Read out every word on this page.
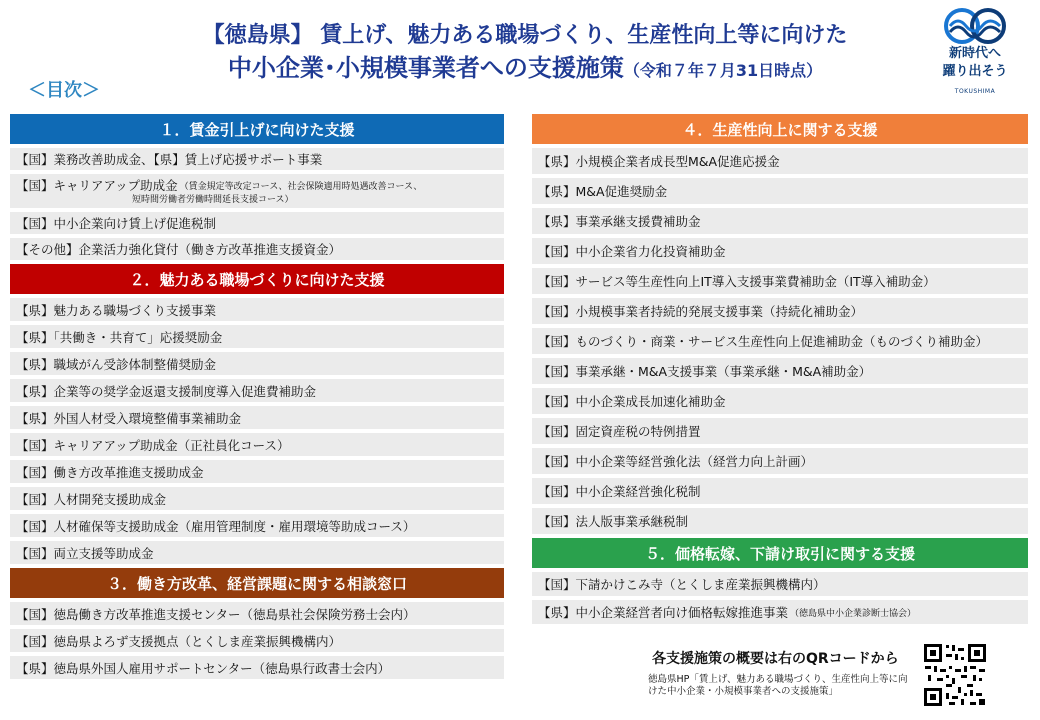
【徳島県】 賃上げ、魅力ある職場づくり、生産性向上等に向けた
中小企業･小規模事業者への支援施策（令和７年７月31日時点）
＜目次＞
新時代へ
躍り出そう
TOKUSHIMA
１．賃金引上げに向けた支援
【国】業務改善助成金、【県】賃上げ応援サポート事業
【国】キャリアアップ助成金 （賃金規定等改定コース、社会保険適用時処遇改善コース、
短時間労働者労働時間延長支援コース）
【国】中小企業向け賃上げ促進税制
【その他】企業活力強化貸付（働き方改革推進支援資金）
２．魅力ある職場づくりに向けた支援
【県】魅力ある職場づくり支援事業
【県】「共働き・共育て」応援奨励金
【県】職域がん受診体制整備奨励金
【県】企業等の奨学金返還支援制度導入促進費補助金
【県】外国人材受入環境整備事業補助金
【国】キャリアアップ助成金（正社員化コース）
【国】働き方改革推進支援助成金
【国】人材開発支援助成金
【国】人材確保等支援助成金（雇用管理制度・雇用環境等助成コース）
【国】両立支援等助成金
３．働き方改革、経営課題に関する相談窓口
【国】徳島働き方改革推進支援センター（徳島県社会保険労務士会内）
【国】徳島県よろず支援拠点（とくしま産業振興機構内）
【県】徳島県外国人雇用サポートセンター（徳島県行政書士会内）
４．生産性向上に関する支援
【県】小規模企業者成長型M&A促進応援金
【県】M&A促進奨励金
【県】事業承継支援費補助金
【国】中小企業省力化投資補助金
【国】サービス等生産性向上IT導入支援事業費補助金（IT導入補助金）
【国】小規模事業者持続的発展支援事業（持続化補助金）
【国】ものづくり・商業・サービス生産性向上促進補助金（ものづくり補助金）
【国】事業承継・M&A支援事業（事業承継・M&A補助金）
【国】中小企業成長加速化補助金
【国】固定資産税の特例措置
【国】中小企業等経営強化法（経営力向上計画）
【国】中小企業経営強化税制
【国】法人版事業承継税制
５．価格転嫁、下請け取引に関する支援
【国】下請かけこみ寺（とくしま産業振興機構内）
【県】中小企業経営者向け価格転嫁推進事業 （徳島県中小企業診断士協会）
各支援施策の概要は右のQRコードから
徳島県HP「賃上げ、魅力ある職場づくり、生産性向上等に向
けた中小企業・小規模事業者への支援施策」
